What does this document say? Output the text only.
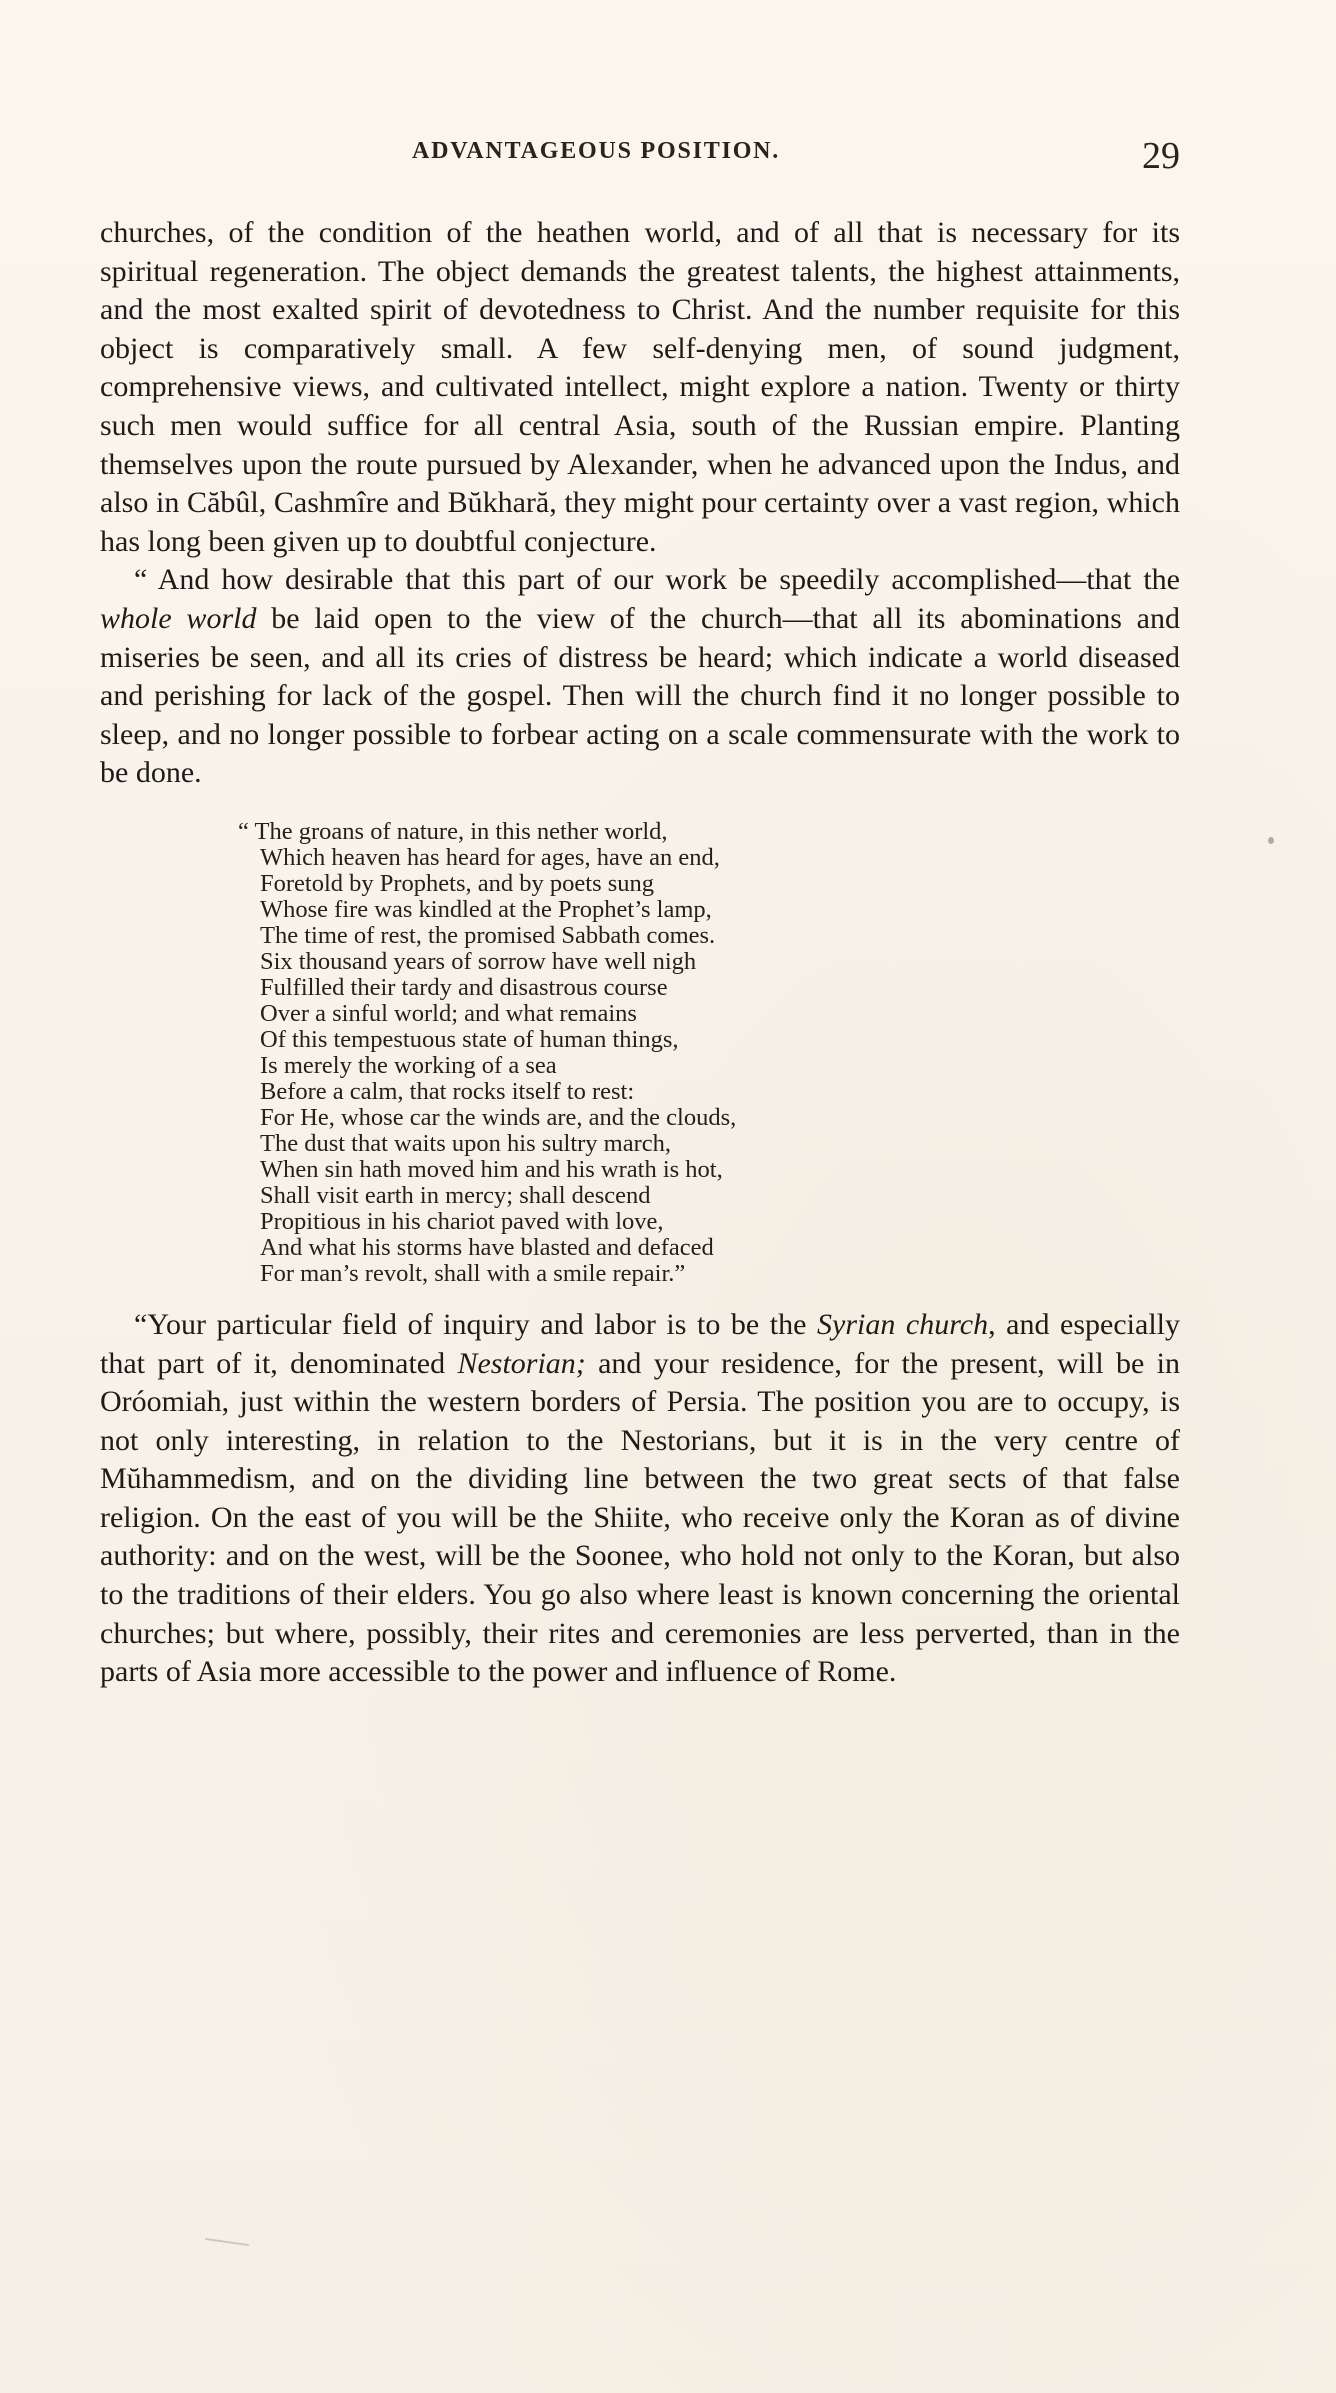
ADVANTAGEOUS POSITION.	29

churches, of the condition of the heathen world, and of all that is necessary for its spiritual regeneration. The object demands the greatest talents, the highest attainments, and the most exalted spirit of devotedness to Christ. And the number requisite for this object is comparatively small. A few self-denying men, of sound judgment, comprehensive views, and cultivated intellect, might explore a nation. Twenty or thirty such men would suffice for all central Asia, south of the Russian empire. Planting themselves upon the route pursued by Alexander, when he advanced upon the Indus, and also in Căbûl, Cashmîre and Bŭkhară, they might pour certainty over a vast region, which has long been given up to doubtful conjecture.

“ And how desirable that this part of our work be speedily accomplished—that the whole world be laid open to the view of the church—that all its abominations and miseries be seen, and all its cries of distress be heard; which indicate a world diseased and perishing for lack of the gospel. Then will the church find it no longer possible to sleep, and no longer possible to forbear acting on a scale commensurate with the work to be done.

“ The groans of nature, in this nether world,
Which heaven has heard for ages, have an end,
Foretold by Prophets, and by poets sung
Whose fire was kindled at the Prophet’s lamp,
The time of rest, the promised Sabbath comes.
Six thousand years of sorrow have well nigh
Fulfilled their tardy and disastrous course
Over a sinful world; and what remains
Of this tempestuous state of human things,
Is merely the working of a sea
Before a calm, that rocks itself to rest:
For He, whose car the winds are, and the clouds,
The dust that waits upon his sultry march,
When sin hath moved him and his wrath is hot,
Shall visit earth in mercy; shall descend
Propitious in his chariot paved with love,
And what his storms have blasted and defaced
For man’s revolt, shall with a smile repair.”

“Your particular field of inquiry and labor is to be the Syrian church, and especially that part of it, denominated Nestorian; and your residence, for the present, will be in Oróomiah, just within the western borders of Persia. The position you are to occupy, is not only interesting, in relation to the Nestorians, but it is in the very centre of Mŭhammedism, and on the dividing line between the two great sects of that false religion. On the east of you will be the Shiite, who receive only the Koran as of divine authority: and on the west, will be the Soonee, who hold not only to the Koran, but also to the traditions of their elders. You go also where least is known concerning the oriental churches; but where, possibly, their rites and ceremonies are less perverted, than in the parts of Asia more accessible to the power and influence of Rome.
